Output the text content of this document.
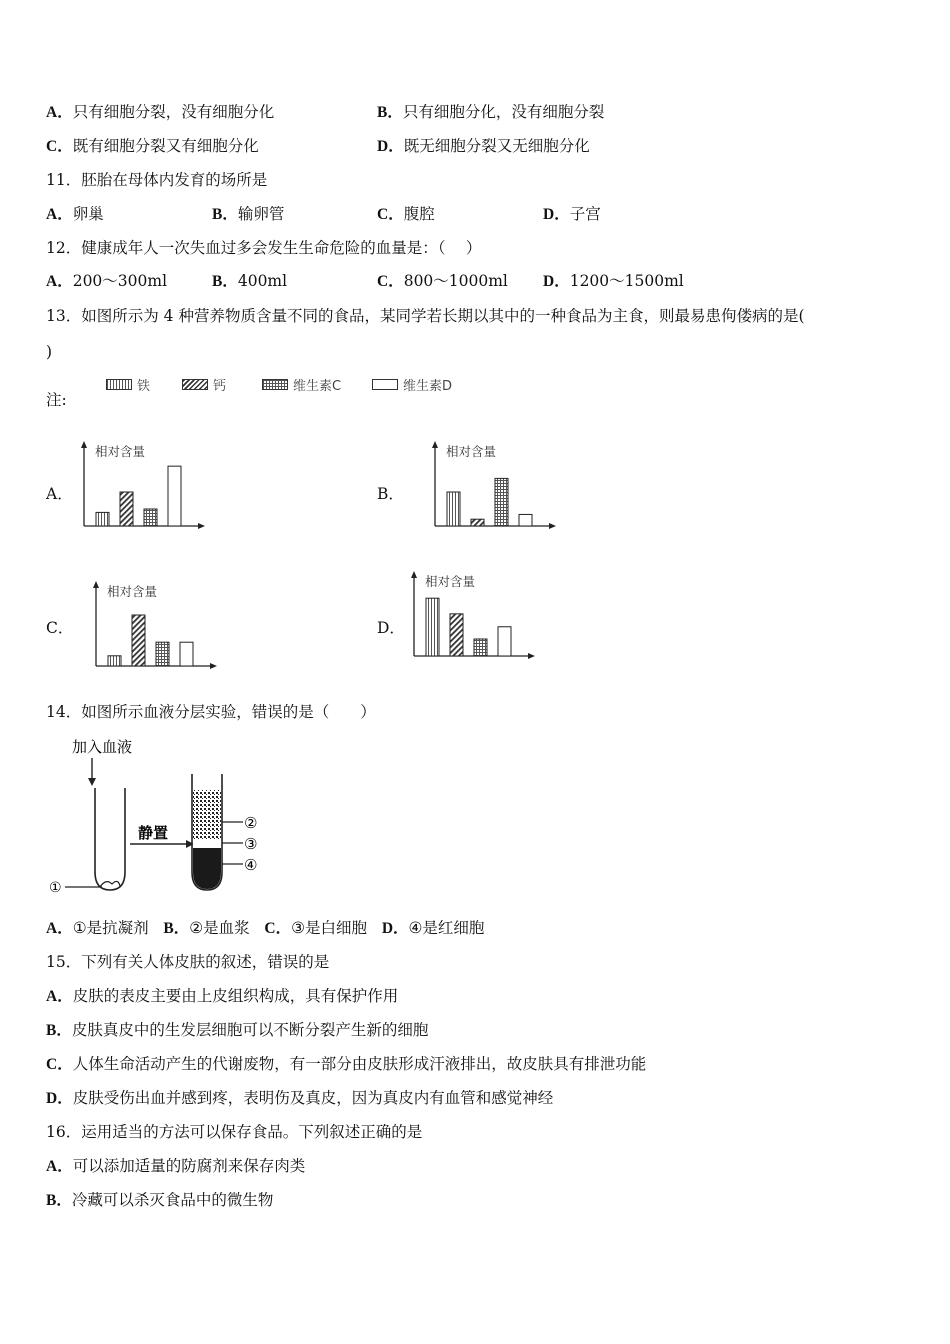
A．只有细胞分裂，没有细胞分化	B．只有细胞分化，没有细胞分裂
C．既有细胞分裂又有细胞分化	D．既无细胞分裂又无细胞分化
11．胚胎在母体内发育的场所是
A．卵巢	B．输卵管	C．腹腔	D．子宫
12．健康成年人一次失血过多会发生生命危险的血量是：（　 ）
A．200～300ml	B．400ml	C．800～1000ml D．1200～1500ml
13．如图所示为 4 种营养物质含量不同的食品，某同学若长期以其中的一种食品为主食，则最易患佝偻病的是(
)
注:
铁	钙	维生素C	维生素D
A．	B．
C．	D．
相对含量	相对含量
相对含量
相对含量
14．如图所示血液分层实验，错误的是（　　）
加入血液
①
静置
②
③
④
A．①是抗凝剂 B．②是血浆 C．③是白细胞 D．④是红细胞
15．下列有关人体皮肤的叙述，错误的是
A．皮肤的表皮主要由上皮组织构成，具有保护作用
B．皮肤真皮中的生发层细胞可以不断分裂产生新的细胞
C．人体生命活动产生的代谢废物，有一部分由皮肤形成汗液排出，故皮肤具有排泄功能
D．皮肤受伤出血并感到疼，表明伤及真皮，因为真皮内有血管和感觉神经
16．运用适当的方法可以保存食品。下列叙述正确的是
A．可以添加适量的防腐剂来保存肉类
B．冷藏可以杀灭食品中的微生物
